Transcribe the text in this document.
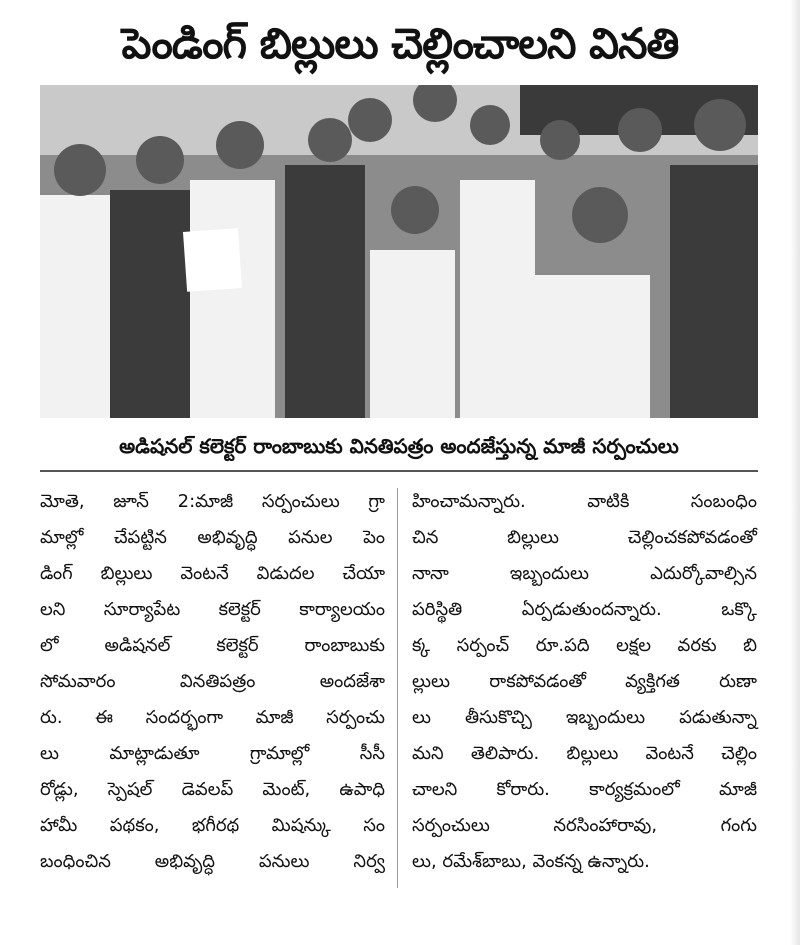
పెండింగ్ బిల్లులు చెల్లించాలని వినతి
అడిషనల్ కలెక్టర్ రాంబాబుకు వినతిపత్రం అందజేస్తున్న మాజీ సర్పంచులు
మోతె, జూన్ 2:మాజీ సర్పంచులు గ్రా
మాల్లో చేపట్టిన అభివృద్ధి పనుల పెం
డింగ్ బిల్లులు వెంటనే విడుదల చేయా
లని సూర్యాపేట కలెక్టర్ కార్యాలయం
లో అడిషనల్ కలెక్టర్ రాంబాబుకు
సోమవారం వినతిపత్రం అందజేశా
రు. ఈ సందర్భంగా మాజీ సర్పంచు
లు మాట్లాడుతూ గ్రామాల్లో సీసీ
రోడ్లు, స్పెషల్ డెవలప్ మెంట్, ఉపాధి
హామీ పథకం, భగీరథ మిషన్కు సం
బంధించిన అభివృద్ధి పనులు నిర్వ
హించామన్నారు. వాటికి సంబంధిం
చిన బిల్లులు చెల్లించకపోవడంతో
నానా ఇబ్బందులు ఎదుర్కోవాల్సిన
పరిస్థితి ఏర్పడుతుందన్నారు. ఒక్కొ
క్క సర్పంచ్ రూ.పది లక్షల వరకు బి
ల్లులు రాకపోవడంతో వ్యక్తిగత రుణా
లు తీసుకొచ్చి ఇబ్బందులు పడుతున్నా
మని తెలిపారు. బిల్లులు వెంటనే చెల్లిం
చాలని కోరారు. కార్యక్రమంలో మాజీ
సర్పంచులు నరసింహారావు, గంగు
లు, రమేశ్‌బాబు, వెంకన్న ఉన్నారు.
